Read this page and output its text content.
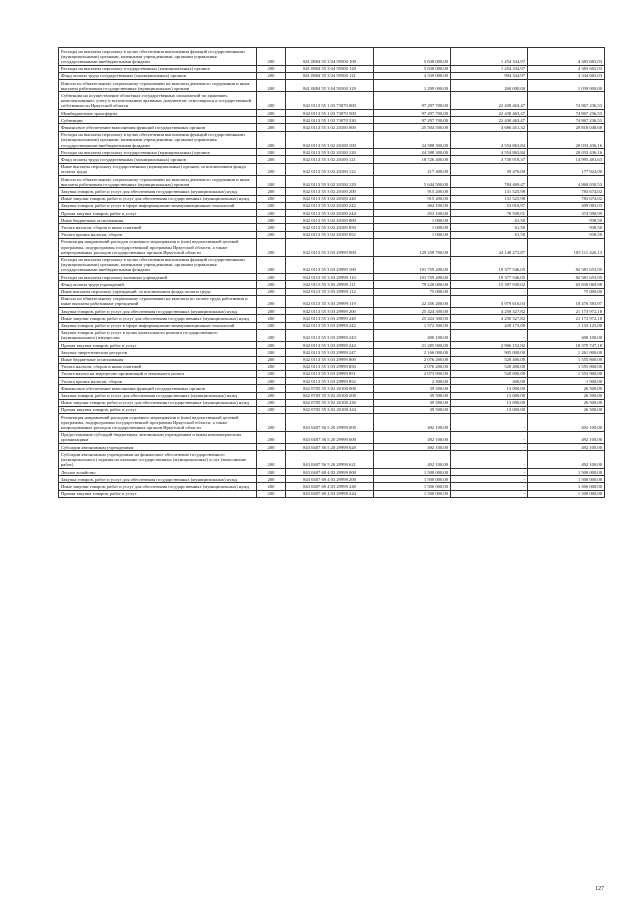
Расходы на выплаты персоналу в целях обеспечения выполнения функций государственными (муниципальными) органами, казенными учреждениями, органами управления государственными внебюджетными фондами	200	841 0804 55 3 04 59500 100	5 638 000,00	1 254 334,97	4 383 665,03
Расходы на выплаты персоналу государственных (муниципальных) органов	200	841 0804 55 3 04 59500 120	5 638 000,00	1 254 334,97	4 383 665,03
Фонд оплаты труда государственных (муниципальных) органов	200	841 0804 55 3 04 59500 121	4 339 000,00	994 334,97	3 344 665,03
Взносы по обязательному социальному страхованию на выплаты денежного содержания и иные выплаты работникам государственных (муниципальных) органов	200	841 0804 55 3 04 59500 129	1 299 000,00	260 000,00	1 039 000,00
Субвенция на осуществление областных государственных полномочий по хранению, комплектованию, учету и использованию архивных документов, относящихся к государственной собственности Иркутской области	200	842 0113 55 1 03 73070 000	97 297 700,00	22 430 463,47	74 867 236,53
Межбюджетные трансферты	200	842 0113 55 1 03 73070 500	97 297 700,00	22 430 463,47	74 867 236,53
Субвенции	200	842 0113 55 1 03 73070 530	97 297 700,00	22 430 463,47	74 867 236,53
Финансовое обеспечение выполнения функций государственных органов	200	842 0113 55 3 02 20100 000	25 504 500,00	4 686 451,32	20 818 048,68
Расходы на выплаты персоналу в целях обеспечения выполнения функций государственными (муниципальными) органами, казенными учреждениями, органами управления государственными внебюджетными фондами	200	842 0113 55 3 02 20100 100	24 588 300,00	4 554 863,84	20 033 436,16
Расходы на выплаты персоналу государственных (муниципальных) органов	200	842 0113 55 3 02 20100 120	24 588 300,00	4 554 863,84	20 033 436,16
Фонд оплаты труда государственных (муниципальных) органов	200	842 0113 55 3 02 20100 121	18 726 400,00	3 730 918,37	14 995 481,63
Иные выплаты персоналу государственных (муниципальных) органов, за исключением фонда оплаты труда	200	842 0113 55 3 02 20100 122	217 400,00	39 476,00	177 924,00
Взносы по обязательному социальному страхованию на выплаты денежного содержания и иные выплаты работникам государственных (муниципальных) органов	200	842 0113 55 3 02 20100 129	5 644 500,00	784 469,47	4 860 030,53
Закупка товаров, работ и услуг для обеспечения государственных (муниципальных) нужд	200	842 0113 55 3 02 20100 200	915 200,00	131 525,98	783 674,02
Иные закупки товаров, работ и услуг для обеспечения государственных (муниципальных) нужд	200	842 0113 55 3 02 20100 240	915 200,00	131 525,98	783 674,02
Закупка товаров, работ и услуг в сфере информационно-коммуникационных технологий	200	842 0113 55 3 02 20100 242	462 100,00	53 016,97	409 083,03
Прочая закупка товаров, работ и услуг	200	842 0113 55 3 02 20100 244	453 100,00	78 509,01	374 590,99
Иные бюджетные ассигнования	200	842 0113 55 3 02 20100 800	1 000,00	61,50	938,50
Уплата налогов, сборов и иных платежей	200	842 0113 55 3 02 20100 850	1 000,00	61,50	938,50
Уплата прочих налогов, сборов	200	842 0113 55 3 02 20100 852	1 000,00	61,50	938,50
Реализация направлений расходов основного мероприятия и (или) ведомственной целевой программы, подпрограммы государственной программы Иркутской области, а также непрограммных расходов государственных органов Иркутской области	200	842 0113 55 3 03 29999 000	129 259 700,00	24 148 273,87	105 111 426,13
Расходы на выплаты персоналу в целях обеспечения выполнения функций государственными (муниципальными) органами, казенными учреждениями, органами управления государственными внебюджетными фондами	200	842 0113 55 3 03 29999 100	101 759 200,00	19 377 546,05	82 381 653,95
Расходы на выплаты персоналу казенных учреждений	200	842 0113 55 3 03 29999 110	101 759 200,00	19 377 546,05	82 381 653,95
Фонд оплаты труда учреждений	200	842 0113 55 3 03 29999 111	79 228 000,00	15 397 930,02	63 830 069,98
Иные выплаты персоналу учреждений, за исключением фонда оплаты труда	200	842 0113 55 3 03 29999 112	75 000,00	-	75 000,00
Взносы по обязательному социальному страхованию на выплаты по оплате труда работников и иные выплаты работникам учреждений	200	842 0113 55 3 03 29999 119	22 456 200,00	3 979 616,03	18 476 583,97
Закупка товаров, работ и услуг для обеспечения государственных (муниципальных) нужд	200	842 0113 55 3 03 29999 200	25 424 300,00	4 250 327,82	21 173 972,18
Иные закупки товаров, работ и услуг для обеспечения государственных (муниципальных) нужд	200	842 0113 55 3 03 29999 240	25 424 300,00	4 250 327,82	21 173 972,18
Закупка товаров, работ и услуг в сфере информационно-коммуникационных технологий	200	842 0113 55 3 03 29999 242	1 572 300,00	439 175,00	1 133 125,00
Закупка товаров, работ и услуг в целях капитального ремонта государственного (муниципального) имущества	200	842 0113 55 3 03 29999 243	400 100,00	-	400 100,00
Прочая закупка товаров, работ и услуг	200	842 0113 55 3 03 29999 244	21 285 900,00	2 906 152,82	18 379 747,18
Закупка энергетических ресурсов	200	842 0113 55 3 03 29999 247	2 166 000,00	905 000,00	1 261 000,00
Иные бюджетные ассигнования	200	842 0113 55 3 03 29999 800	2 076 200,00	520 400,00	1 555 800,00
Уплата налогов, сборов и иных платежей	200	842 0113 55 3 03 29999 850	2 076 200,00	520 400,00	1 555 800,00
Уплата налога на имущество организаций и земельного налога	200	842 0113 55 3 03 29999 851	2 073 900,00	520 000,00	1 553 900,00
Уплата прочих налогов, сборов	200	842 0113 55 3 03 29999 852	2 300,00	400,00	1 900,00
Финансовое обеспечение выполнения функций государственных органов	200	842 0705 55 3 02 20100 000	39 500,00	13 000,00	26 500,00
Закупка товаров, работ и услуг для обеспечения государственных (муниципальных) нужд	200	842 0705 55 3 02 20100 200	39 500,00	13 000,00	26 500,00
Иные закупки товаров, работ и услуг для обеспечения государственных (муниципальных) нужд	200	842 0705 55 3 02 20100 240	39 500,00	13 000,00	26 500,00
Прочая закупка товаров, работ и услуг	200	842 0705 55 3 02 20100 244	39 500,00	13 000,00	26 500,00
Реализация направлений расходов основного мероприятия и (или) ведомственной целевой программы, подпрограммы государственной программы Иркутской области, а также непрограммных расходов государственных органов Иркутской области	200	843 0407 56 5 20 29999 000	492 100,00	-	492 100,00
Предоставление субсидий бюджетным, автономным учреждениям и иным некоммерческим организациям	200	843 0407 56 5 20 29999 600	492 100,00	-	492 100,00
Субсидии автономным учреждениям	200	843 0407 56 5 20 29999 620	492 100,00	-	492 100,00
Субсидии автономным учреждениям на финансовое обеспечение государственного (муниципального) задания на оказание государственных (муниципальных) услуг (выполнение работ)	200	843 0407 56 5 20 29999 621	492 100,00	-	492 100,00
Лесное хозяйство	200	843 0407 69 4 03 29999 000	1 500 000,00	-	1 500 000,00
Закупка товаров, работ и услуг для обеспечения государственных (муниципальных) нужд	200	843 0407 69 4 03 29999 200	1 500 000,00	-	1 500 000,00
Иные закупки товаров, работ и услуг для обеспечения государственных (муниципальных) нужд	200	843 0407 69 4 03 29999 240	1 500 000,00	-	1 500 000,00
Прочая закупка товаров, работ и услуг	200	843 0407 69 4 03 29999 244	1 500 000,00	-	1 500 000,00
127
